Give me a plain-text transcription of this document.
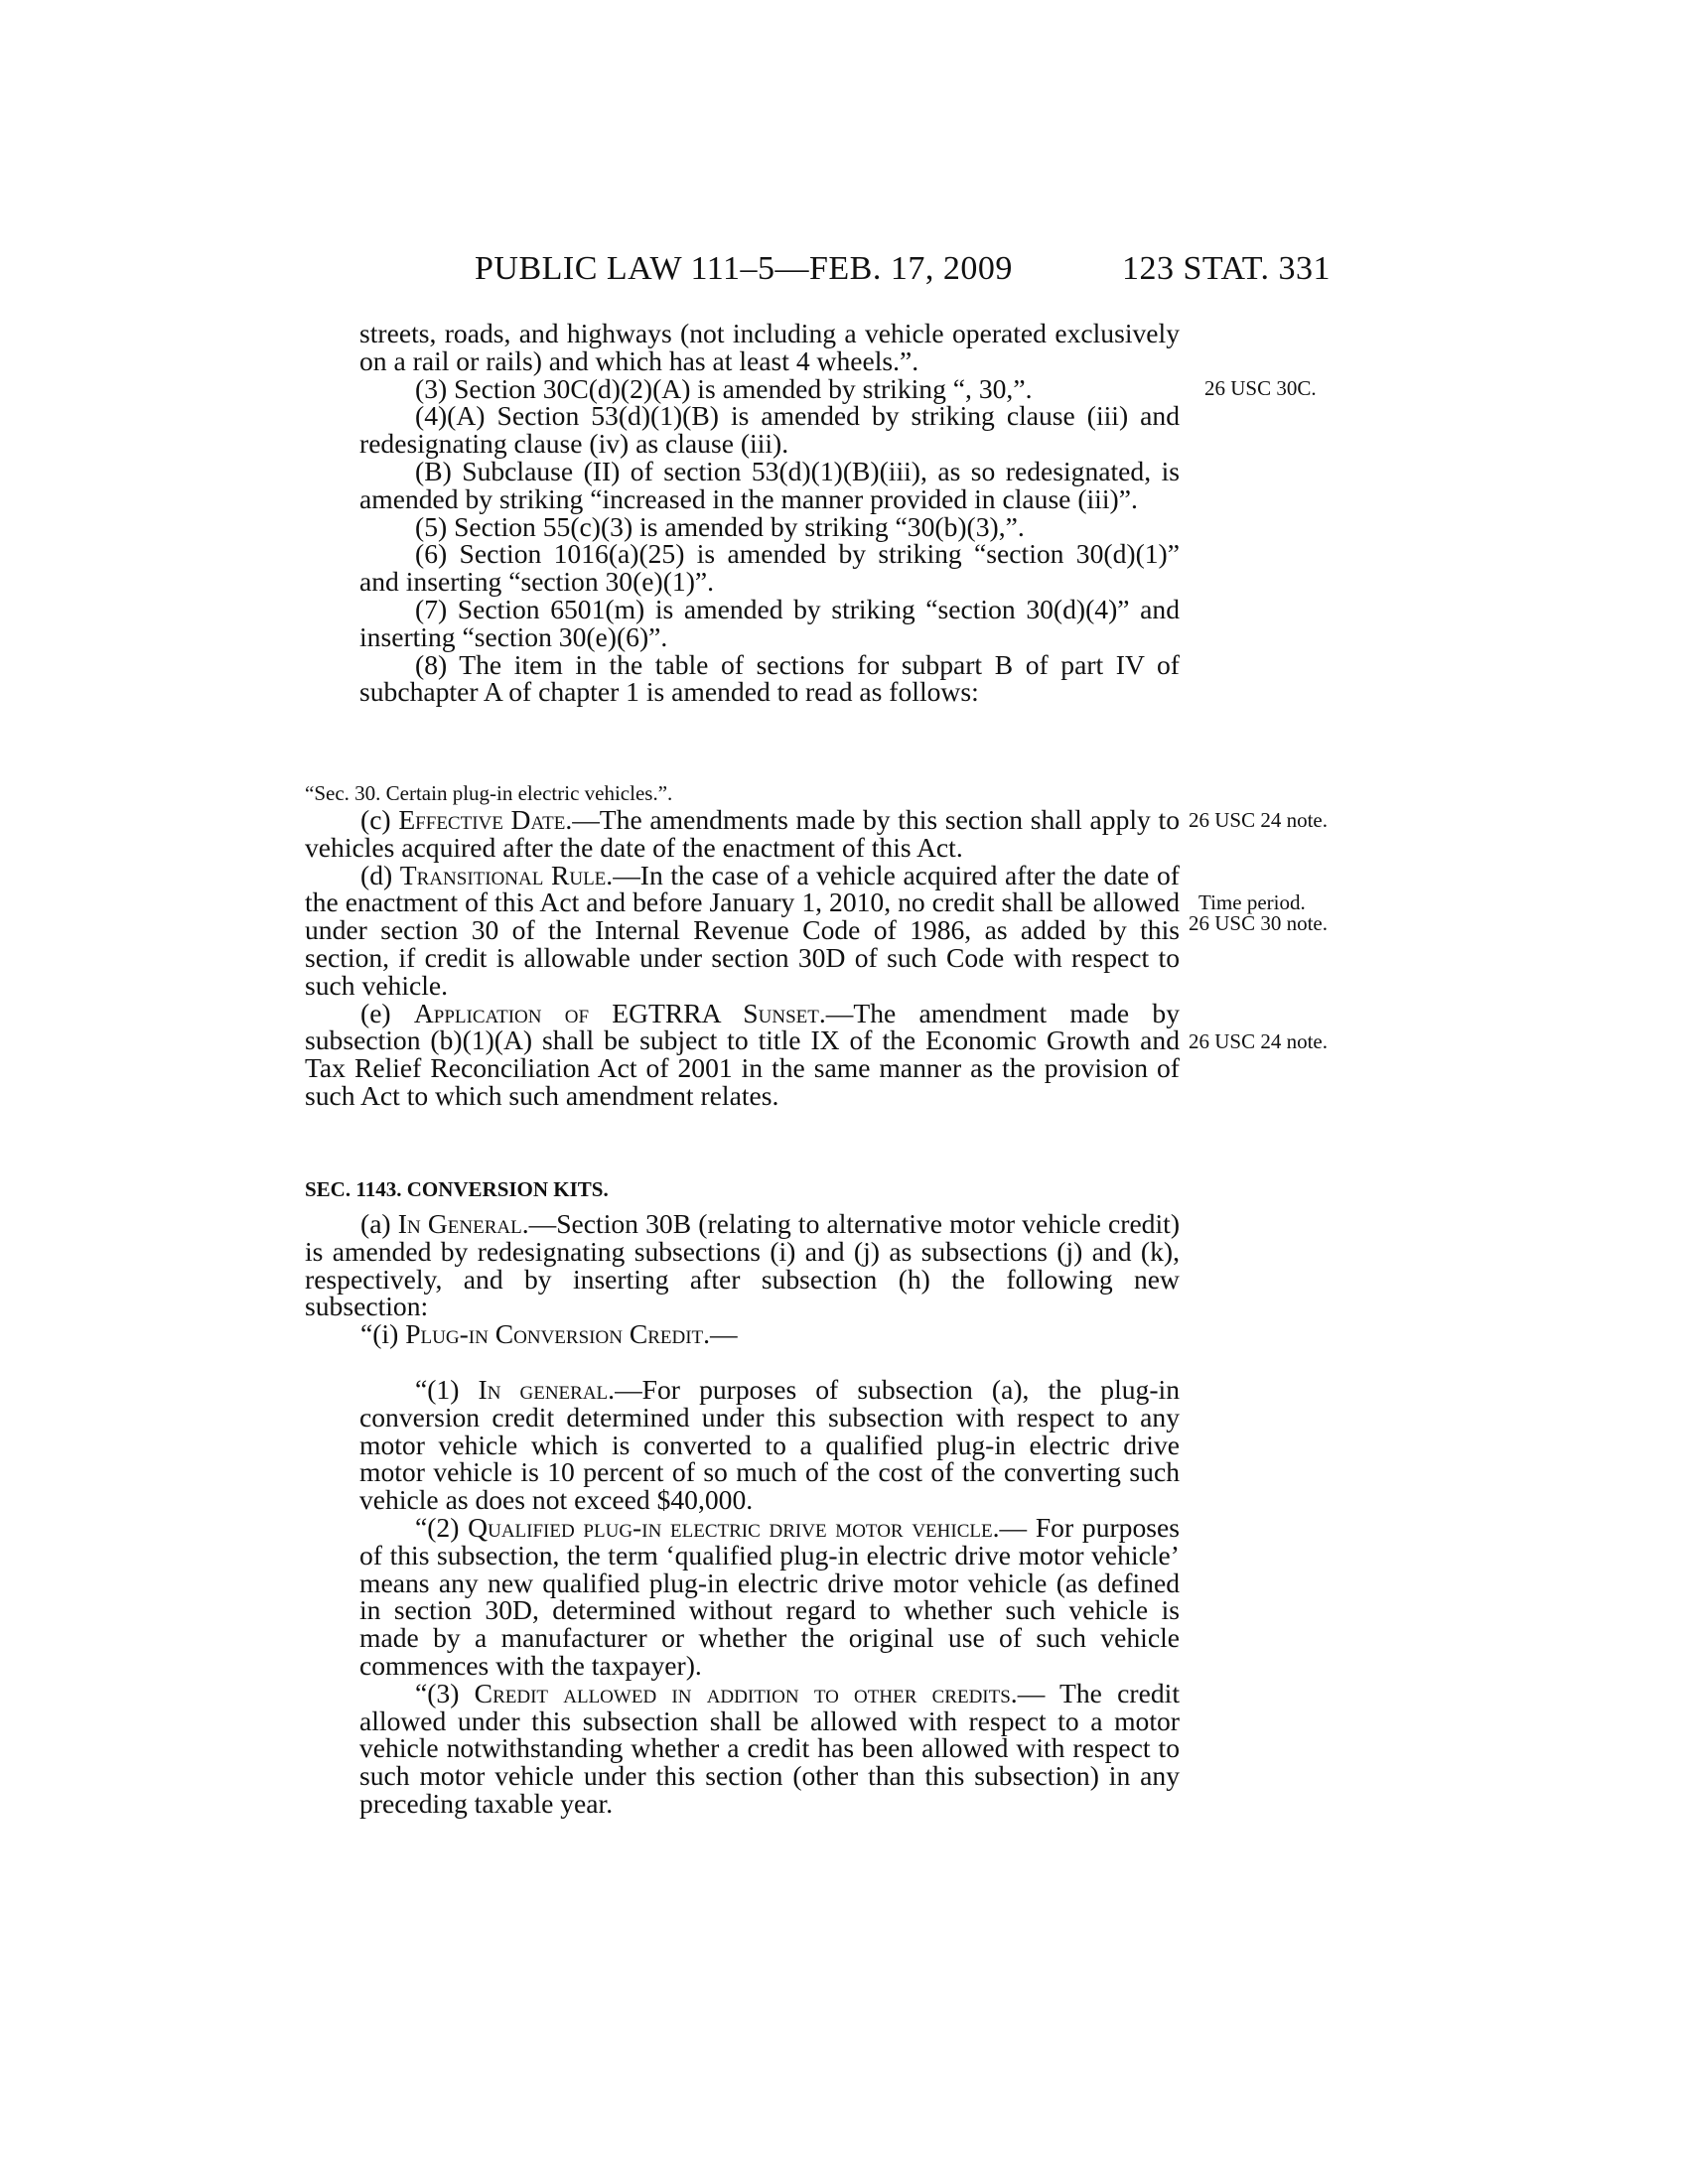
PUBLIC LAW 111–5—FEB. 17, 2009	123 STAT. 331

streets, roads, and highways (not including a vehicle operated exclusively on a rail or rails) and which has at least 4 wheels.”.

(3) Section 30C(d)(2)(A) is amended by striking “, 30,”.

(4)(A) Section 53(d)(1)(B) is amended by striking clause (iii) and redesignating clause (iv) as clause (iii).

(B) Subclause (II) of section 53(d)(1)(B)(iii), as so redesignated, is amended by striking “increased in the manner provided in clause (iii)”.

(5) Section 55(c)(3) is amended by striking “30(b)(3),”.

(6) Section 1016(a)(25) is amended by striking “section 30(d)(1)” and inserting “section 30(e)(1)”.

(7) Section 6501(m) is amended by striking “section 30(d)(4)” and inserting “section 30(e)(6)”.

(8) The item in the table of sections for subpart B of part IV of subchapter A of chapter 1 is amended to read as follows:

“Sec. 30. Certain plug-in electric vehicles.”.

(c) Effective Date.—The amendments made by this section shall apply to vehicles acquired after the date of the enactment of this Act.

(d) Transitional Rule.—In the case of a vehicle acquired after the date of the enactment of this Act and before January 1, 2010, no credit shall be allowed under section 30 of the Internal Revenue Code of 1986, as added by this section, if credit is allowable under section 30D of such Code with respect to such vehicle.

(e) Application of EGTRRA Sunset.—The amendment made by subsection (b)(1)(A) shall be subject to title IX of the Economic Growth and Tax Relief Reconciliation Act of 2001 in the same manner as the provision of such Act to which such amendment relates.

SEC. 1143. CONVERSION KITS.

(a) In General.—Section 30B (relating to alternative motor vehicle credit) is amended by redesignating subsections (i) and (j) as subsections (j) and (k), respectively, and by inserting after subsection (h) the following new subsection:

“(i) Plug-in Conversion Credit.—

“(1) In general.—For purposes of subsection (a), the plug-in conversion credit determined under this subsection with respect to any motor vehicle which is converted to a qualified plug-in electric drive motor vehicle is 10 percent of so much of the cost of the converting such vehicle as does not exceed $40,000.

“(2) Qualified plug-in electric drive motor vehicle.— For purposes of this subsection, the term ‘qualified plug-in electric drive motor vehicle’ means any new qualified plug-in electric drive motor vehicle (as defined in section 30D, determined without regard to whether such vehicle is made by a manufacturer or whether the original use of such vehicle commences with the taxpayer).

“(3) Credit allowed in addition to other credits.— The credit allowed under this subsection shall be allowed with respect to a motor vehicle notwithstanding whether a credit has been allowed with respect to such motor vehicle under this section (other than this subsection) in any preceding taxable year.

26 USC 30C.
26 USC 24 note.
Time period.
26 USC 30 note.
26 USC 24 note.
